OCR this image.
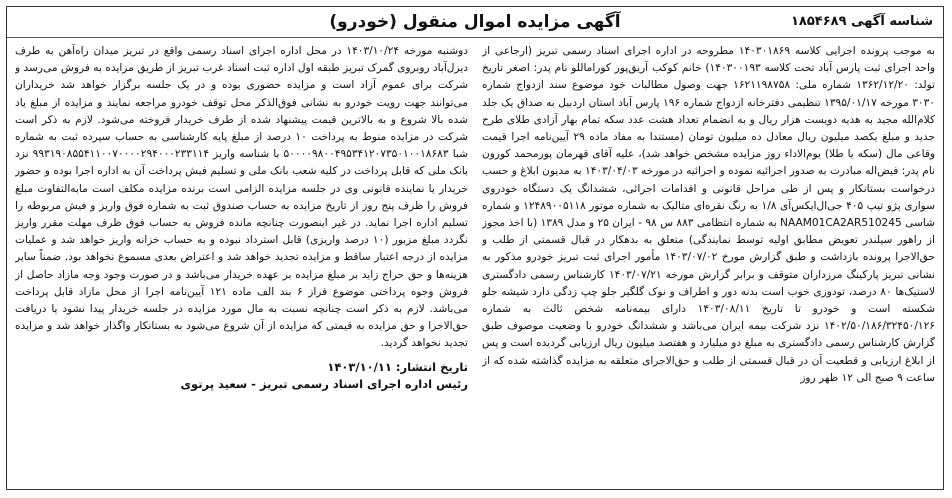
آگهی مزایده اموال منقول (خودرو)	شناسه آگهی ۱۸۵۴۶۸۹

به موجب پرونده اجرایی کلاسه ۱۴۰۳۰۱۸۶۹ مطروحه در اداره اجرای اسناد رسمی تبریز (ارجاعی از واحد اجرای ثبت پارس آباد تحت کلاسه ۱۴۰۳۰۰۱۹۳) خانم کوکب آریق‌پور کوراماللو نام پدر: اصغر تاریخ تولد: ۱۳۶۲/۱۲/۲۰ شماره ملی: ۱۶۲۱۱۹۸۷۵۸ جهت وصول مطالبات خود موضوع سند ازدواج شماره ۳۰۳۰ مورخه ۱۳۹۵/۰۱/۱۷ تنظیمی دفترخانه ازدواج شماره ۱۹۶ پارس آباد استان اردبیل به صداق یک جلد کلام‌الله مجید به هدیه دویست هزار ریال و به انضمام تعداد هشت عدد سکه تمام بهار آزادی طلای طرح جدید و مبلغ یکصد میلیون ریال معادل ده میلیون تومان (مستندا به مفاد ماده ۲۹ آیین‌نامه اجرا قیمت وقاعی مال (سکه یا طلا) یوم‌الاداء روز مزایده مشخص خواهد شد)، علیه آقای قهرمان پورمحمد کورون نام پدر: فیض‌اله مبادرت به صدور اجرائیه نموده و اجرائیه در مورخه ۱۴۰۳/۰۴/۰۳ به مدیون ابلاغ و حسب درخواست بستانکار و پس از طی مراحل قانونی و اقدامات اجرائی، ششدانگ یک دستگاه خودروی سواری پژو تیپ ۴۰۵ جی‌ال‌ایکس‌آی ۱/۸ به رنگ نقره‌ای متالیک به شماره موتور ۱۲۴۸۹۰۰۵۱۱۸ و شماره شاسی NAAM01CA2AR510245 به شماره انتظامی ۸۸۳ س ۹۸ - ایران ۲۵ و مدل ۱۳۸۹ (با اخذ مجوز از راهور سیلندر تعویض مطابق اولیه توسط نمایندگی) متعلق به بدهکار در قبال قسمتی از طلب و حق‌الاجرا پرونده بازداشت و طبق گزارش مورخ ۱۴۰۳/۰۷/۰۲ مأمور اجرای ثبت تبریز خودرو مذکور به نشانی تبریز پارکینگ مرزداران متوقف و برابر گزارش مورخه ۱۴۰۳/۰۷/۲۱ کارشناس رسمی دادگستری لاستیک‌ها ۸۰ درصد، تودوزی خوب است بدنه دور و اطراف و نوک گلگیر جلو چپ زدگی دارد شیشه جلو شکسته است و خودرو تا تاریخ ۱۴۰۳/۰۸/۱۱ دارای بیمه‌نامه شخص ثالث به شماره ۱۴۰۲/۵۰/۱۸۶/۳۲۴۵۰/۱۲۶ نزد شرکت بیمه ایران می‌باشد و ششدانگ خودرو با وضعیت موصوف طبق گزارش کارشناس رسمی دادگستری به مبلغ دو میلیارد و هفتصد میلیون ریال ارزیابی گردیده است و پس از ابلاغ ارزیابی و قطعیت آن در قبال قسمتی از طلب و حق‌الاجرای متعلقه به مزایده گذاشته شده که از ساعت ۹ صبح الی ۱۲ ظهر روز

دوشنبه مورخه ۱۴۰۳/۱۰/۲۴ در محل اداره اجرای اسناد رسمی واقع در تبریز میدان راه‌آهن به طرف دیزل‌آباد روبروی گمرک تبریز طبقه اول اداره ثبت اسناد غرب تبریز از طریق مزایده به فروش می‌رسد و شرکت برای عموم آزاد است و مزایده حضوری بوده و در یک جلسه برگزار خواهد شد خریداران می‌توانند جهت رویت خودرو به نشانی فوق‌الذکر محل توقف خودرو مراجعه نمایند و مزایده از مبلغ یاد شده بالا شروع و به بالاترین قیمت پیشنهاد شده از طرف خریدار فروخته می‌شود. لازم به ذکر است شرکت در مزایده منوط به پرداخت ۱۰ درصد از مبلغ پایه کارشناسی به حساب سپرده ثبت به شماره شبا ۵۰۰۰۰۹۸۰۰۴۹۵۳۴۱۲۰۷۳۵۰۱۰۰۱۸۶۸۳ با شناسه واریز ۹۹۳۱۹۰۸۵۵۴۱۱۰۰۷۰۰۰۰۲۹۴۰۰۰۲۳۳۱۱۴ نزد بانک ملی که قابل پرداخت در کلیه شعب بانک ملی و تسلیم فیش پرداخت آن به اداره اجرا بوده و حضور خریدار یا نماینده قانونی وی در جلسه مزایده الزامی است برنده مزایده مکلف است مابه‌التفاوت مبلغ فروش را ظرف پنج روز از تاریخ مزایده به حساب صندوق ثبت به شماره فوق واریز و فیش مربوطه را تسلیم اداره اجرا نماید. در غیر اینصورت چنانچه مانده فروش به حساب فوق ظرف مهلت مقرر واریز نگردد مبلغ مزبور (۱۰ درصد واریزی) قابل استرداد نبوده و به حساب خزانه واریز خواهد شد و عملیات مزایده از درجه اعتبار ساقط و مزایده تجدید خواهد شد و اعتراض بعدی مسموع نخواهد بود. ضمناً سایر هزینه‌ها و حق حراج زاید بر مبلغ مزایده بر عهده خریدار می‌باشد و در صورت وجود وجه مازاد حاصل از فروش وجوه پرداختی موضوع فراز ۶ بند الف ماده ۱۲۱ آیین‌نامه اجرا از محل مازاد قابل پرداخت می‌باشد. لازم به ذکر است چنانچه نسبت به مال مورد مزایده در جلسه خریدار پیدا نشود یا دریافت حق‌الاجرا و حق مزایده به قیمتی که مزایده از آن شروع می‌شود به بستانکار واگذار خواهد شد و مزایده تجدید نخواهد گردید.

تاریخ انتشار: ۱۴۰۳/۱۰/۱۱

رئیس اداره اجرای اسناد رسمی تبریز - سعید پرتوی
